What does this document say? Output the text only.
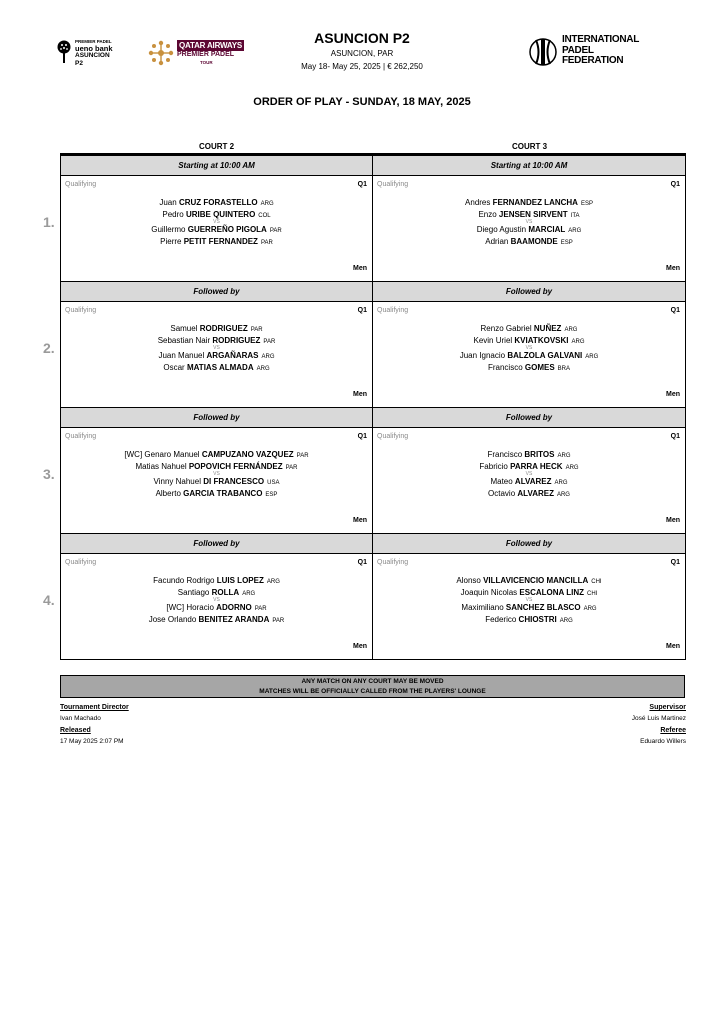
PREMIER PADEL
ueno bank
ASUNCION
P2
QATAR AIRWAYS
PREMIER PADEL
TOUR
ASUNCION P2
ASUNCION, PAR
May 18- May 25, 2025 | € 262,250
INTERNATIONAL
PADEL
FEDERATION
ORDER OF PLAY - SUNDAY, 18 MAY, 2025
COURT 2	COURT 3
1.
Starting at 10:00 AM
Qualifying	Q1
Juan CRUZ FORASTELLO ARG
Pedro URIBE QUINTERO COL
VS
Guillermo GUERREÑO PIGOLA PAR
Pierre PETIT FERNANDEZ PAR
Men
Starting at 10:00 AM
Qualifying	Q1
Andres FERNANDEZ LANCHA ESP
Enzo JENSEN SIRVENT ITA
VS
Diego Agustin MARCIAL ARG
Adrian BAAMONDE ESP
Men
2.
Followed by
Qualifying	Q1
Samuel RODRIGUEZ PAR
Sebastian Nair RODRIGUEZ PAR
VS
Juan Manuel ARGAÑARAS ARG
Oscar MATIAS ALMADA ARG
Men
Followed by
Qualifying	Q1
Renzo Gabriel NUÑEZ ARG
Kevin Uriel KVIATKOVSKI ARG
VS
Juan Ignacio BALZOLA GALVANI ARG
Francisco GOMES BRA
Men
3.
Followed by
Qualifying	Q1
[WC] Genaro Manuel CAMPUZANO VAZQUEZ PAR
Matias Nahuel POPOVICH FERNÁNDEZ PAR
VS
Vinny Nahuel DI FRANCESCO USA
Alberto GARCIA TRABANCO ESP
Men
Followed by
Qualifying	Q1
Francisco BRITOS ARG
Fabricio PARRA HECK ARG
VS
Mateo ALVAREZ ARG
Octavio ALVAREZ ARG
Men
4.
Followed by
Qualifying	Q1
Facundo Rodrigo LUIS LOPEZ ARG
Santiago ROLLA ARG
VS
[WC] Horacio ADORNO PAR
Jose Orlando BENITEZ ARANDA PAR
Men
Followed by
Qualifying	Q1
Alonso VILLAVICENCIO MANCILLA CHI
Joaquin Nicolas ESCALONA LINZ CHI
VS
Maximiliano SANCHEZ BLASCO ARG
Federico CHIOSTRI ARG
Men
ANY MATCH ON ANY COURT MAY BE MOVED
MATCHES WILL BE OFFICIALLY CALLED FROM THE PLAYERS' LOUNGE
Tournament Director
Ivan Machado
Released
17 May 2025 2:07 PM
Supervisor
José Luis Martinez
Referee
Eduardo Willers
